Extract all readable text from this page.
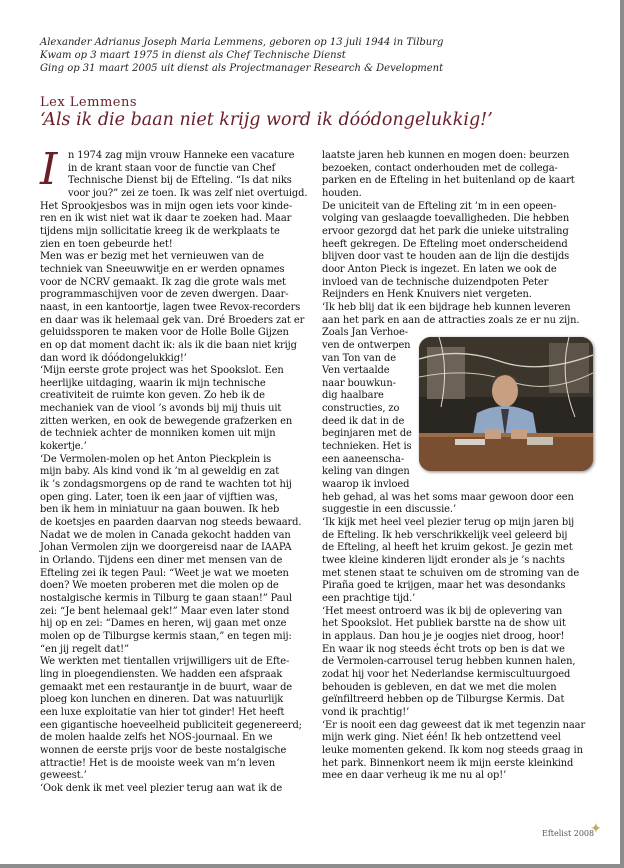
Alexander Adrianus Joseph Maria Lemmens, geboren op 13 juli 1944 in Tilburg
Kwam op 3 maart 1975 in dienst als Chef Technische Dienst
Ging op 31 maart 2005 uit dienst als Projectmanager Research & Development
Lex Lemmens
‘Als ik die baan niet krijg word ik dóódongelukkig!’
I	n 1974 zag mijn vrouw Hanneke een vacature

in de krant staan voor de functie van Chef

Technische Dienst bij de Efteling. “Is dat niks

voor jou?” zei ze toen. Ik was zelf niet overtuigd.

Het Sprookjesbos was in mijn ogen iets voor kinde-

ren en ik wist niet wat ik daar te zoeken had. Maar

tijdens mijn sollicitatie kreeg ik de werkplaats te

zien en toen gebeurde het!

Men was er bezig met het vernieuwen van de

techniek van Sneeuwwitje en er werden opnames

voor de NCRV gemaakt. Ik zag die grote wals met

programmaschijven voor de zeven dwergen. Daar-

naast, in een kantoortje, lagen twee Revox-recorders

en daar was ik helemaal gek van. Dré Broeders zat er

geluidssporen te maken voor de Holle Bolle Gijzen

en op dat moment dacht ik: als ik die baan niet krijg

dan word ik dóódongelukkig!’

‘Mijn eerste grote project was het Spookslot. Een

heerlijke uitdaging, waarin ik mijn technische

creativiteit de ruimte kon geven. Zo heb ik de

mechaniek van de viool ’s avonds bij mij thuis uit

zitten werken, en ook de bewegende grafzerken en

de techniek achter de monniken komen uit mijn

kokertje.’

‘De Vermolen-molen op het Anton Pieckplein is

mijn baby. Als kind vond ik ’m al geweldig en zat

ik ’s zondagsmorgens op de rand te wachten tot hij

open ging. Later, toen ik een jaar of vijftien was,

ben ik hem in miniatuur na gaan bouwen. Ik heb

de koetsjes en paarden daarvan nog steeds bewaard.

Nadat we de molen in Canada gekocht hadden van

Johan Vermolen zijn we doorgereisd naar de IAAPA

in Orlando. Tijdens een diner met mensen van de

Efteling zei ik tegen Paul: “Weet je wat we moeten

doen? We moeten proberen met die molen op de

nostalgische kermis in Tilburg te gaan staan!” Paul

zei: “Je bent helemaal gek!” Maar even later stond

hij op en zei: “Dames en heren, wij gaan met onze

molen op de Tilburgse kermis staan,” en tegen mij:

“en jij regelt dat!”

We werkten met tientallen vrijwilligers uit de Efte-

ling in ploegendiensten. We hadden een afspraak

gemaakt met een restaurantje in de buurt, waar de

ploeg kon lunchen en dineren. Dat was natuurlijk

een luxe exploitatie van hier tot ginder! Het heeft

een gigantische hoeveelheid publiciteit gegenereerd;

de molen haalde zelfs het NOS-journaal. En we

wonnen de eerste prijs voor de beste nostalgische

attractie! Het is de mooiste week van m’n leven

geweest.’

‘Ook denk ik met veel plezier terug aan wat ik de

laatste jaren heb kunnen en mogen doen: beurzen

bezoeken, contact onderhouden met de collega-

parken en de Efteling in het buitenland op de kaart

houden.

De uniciteit van de Efteling zit ’m in een opeen-

volging van geslaagde toevalligheden. Die hebben

ervoor gezorgd dat het park die unieke uitstraling

heeft gekregen. De Efteling moet onderscheidend

blijven door vast te houden aan de lijn die destijds

door Anton Pieck is ingezet. En laten we ook de

invloed van de technische duizendpoten Peter

Reijnders en Henk Knuivers niet vergeten.

‘Ik heb blij dat ik een bijdrage heb kunnen leveren

aan het park en aan de attracties zoals ze er nu zijn.

Zoals Jan Verhoe-

ven de ontwerpen

van Ton van de

Ven vertaalde

naar bouwkun-

dig haalbare

constructies, zo

deed ik dat in de

beginjaren met de

technieken. Het is

een aaneenscha-

keling van dingen

waarop ik invloed

heb gehad, al was het soms maar gewoon door een

suggestie in een discussie.’

‘Ik kijk met heel veel plezier terug op mijn jaren bij

de Efteling. Ik heb verschrikkelijk veel geleerd bij

de Efteling, al heeft het kruim gekost. Je gezin met

twee kleine kinderen lijdt eronder als je ’s nachts

met stenen staat te schuiven om de stroming van de

Piraña goed te krijgen, maar het was desondanks

een prachtige tijd.’

‘Het meest ontroerd was ik bij de oplevering van

het Spookslot. Het publiek barstte na de show uit

in applaus. Dan hou je je oogjes niet droog, hoor!

En waar ik nog steeds écht trots op ben is dat we

de Vermolen-carrousel terug hebben kunnen halen,

zodat hij voor het Nederlandse kermiscultuurgoed

behouden is gebleven, en dat we met die molen

geïnfiltreerd hebben op de Tilburgse Kermis. Dat

vond ik prachtig!’

‘Er is nooit een dag geweest dat ik met tegenzin naar

mijn werk ging. Niet één! Ik heb ontzettend veel

leuke momenten gekend. Ik kom nog steeds graag in

het park. Binnenkort neem ik mijn eerste kleinkind

mee en daar verheug ik me nu al op!’

Eftelist 2008
✦
